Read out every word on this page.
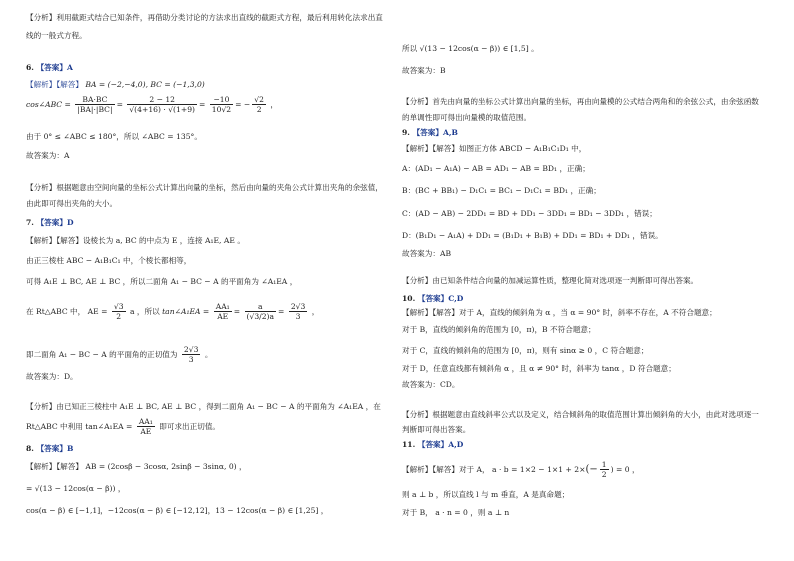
【分析】利用截距式结合已知条件，再借助分类讨论的方法求出直线的截距式方程，最后利用转化法求出直
线的一般式方程。
6. 【答案】A
【解析】【解答】 BA = (−2,−4,0), BC = (−1,3,0)
cos∠ABC = $\frac{BA\cdot BC}{|BA|\cdot|BC|} = \frac{2 - 12}{√(4+16) \cdot √(1+9)} = \frac{-10}{10√2}$ = − $\frac{√2}{2}$ ，
由于 0° ≤ ∠ABC ≤ 180°，所以 ∠ABC = 135°。
故答案为：A
【分析】根据题意由空间向量的坐标公式计算出向量的坐标，然后由向量的夹角公式计算出夹角的余弦值，
由此即可得出夹角的大小。
7. 【答案】D
【解析】【解答】设棱长为 a, BC 的中点为 E ，连接 A₁E, AE 。
由正三棱柱 ABC − A₁B₁C₁ 中，个棱长都相等，
可得 A₁E ⊥ BC, AE ⊥ BC ，所以二面角 A₁ − BC − A 的平面角为 ∠A₁EA ，
在 Rt△ABC 中， AE = $\frac{√3}{2}$ a ，所以 tan∠A₁EA = $\frac{\text{AA₁}}{AE} = \frac{a}{(√3/2)a} = \frac{2√3}{3}$ ，
即二面角 A₁ − BC − A 的平面角的正切值为 $\frac{2√3}{3}$ 。
故答案为：D。
【分析】由已知正三棱柱中 A₁E ⊥ BC, AE ⊥ BC ，得到二面角 A₁ − BC − A 的平面角为 ∠A₁EA ，在
Rt△ABC 中利用 tan∠A₁EA = $\frac{\text{AA₁}}{AE}$ 即可求出正切值。
8. 【答案】B
【解析】【解答】 AB = (2cosβ − 3cosα, 2sinβ − 3sinα, 0) ，
= √(13 − 12cos(α − β)) ，
cos(α − β) ∈ [−1,1]，−12cos(α − β) ∈ [−12,12]，13 − 12cos(α − β) ∈ [1,25] ，
所以 √(13 − 12cos(α − β)) ∈ [1,5] 。
故答案为：B
【分析】首先由向量的坐标公式计算出向量的坐标，再由向量模的公式结合两角和的余弦公式，由余弦函数
的单调性即可得出向量模的取值范围。
9. 【答案】A,B
【解析】【解答】如图正方体 ABCD − A₁B₁C₁D₁ 中，
A：(AD₁ − A₁A) − AB = AD₁ − AB = BD₁ ，正确；
B：(BC + BB₁) − D₁C₁ = BC₁ − D₁C₁ = BD₁ ，正确；
C：(AD − AB) − 2DD₁ = BD + DD₁ − 3DD₁ = BD₁ − 3DD₁ ，错误；
D：(B₁D₁ − A₁A) + DD₁ = (B₁D₁ + B₁B) + DD₁ = BD₁ + DD₁ ，错误。
故答案为：AB
【分析】由已知条件结合向量的加减运算性质，整理化简对选项逐一判断即可得出答案。
10. 【答案】C,D
【解析】【解答】对于 A，直线的倾斜角为 α ，当 α = 90° 时，斜率不存在，A 不符合题意；
对于 B，直线的倾斜角的范围为 [0，π)，B 不符合题意；
对于 C，直线的倾斜角的范围为 [0，π)，则有 sinα ≥ 0 ，C 符合题意；
对于 D，任意直线都有倾斜角 α ，且 α ≠ 90° 时，斜率为 tanα ，D 符合题意；
故答案为：CD。
【分析】根据题意由直线斜率公式以及定义，结合倾斜角的取值范围计算出倾斜角的大小，由此对选项逐一
判断即可得出答案。
11. 【答案】A,D
【解析】【解答】对于 A， $a \cdot b = 1\times 2 - 1\times 1 + 2\times(- \frac{1}{2}$ ) = 0 ，
则 a ⊥ b ，所以直线 l 与 m 垂直，A 是真命题；
对于 B， a · n = 0 ，则 a ⊥ n
